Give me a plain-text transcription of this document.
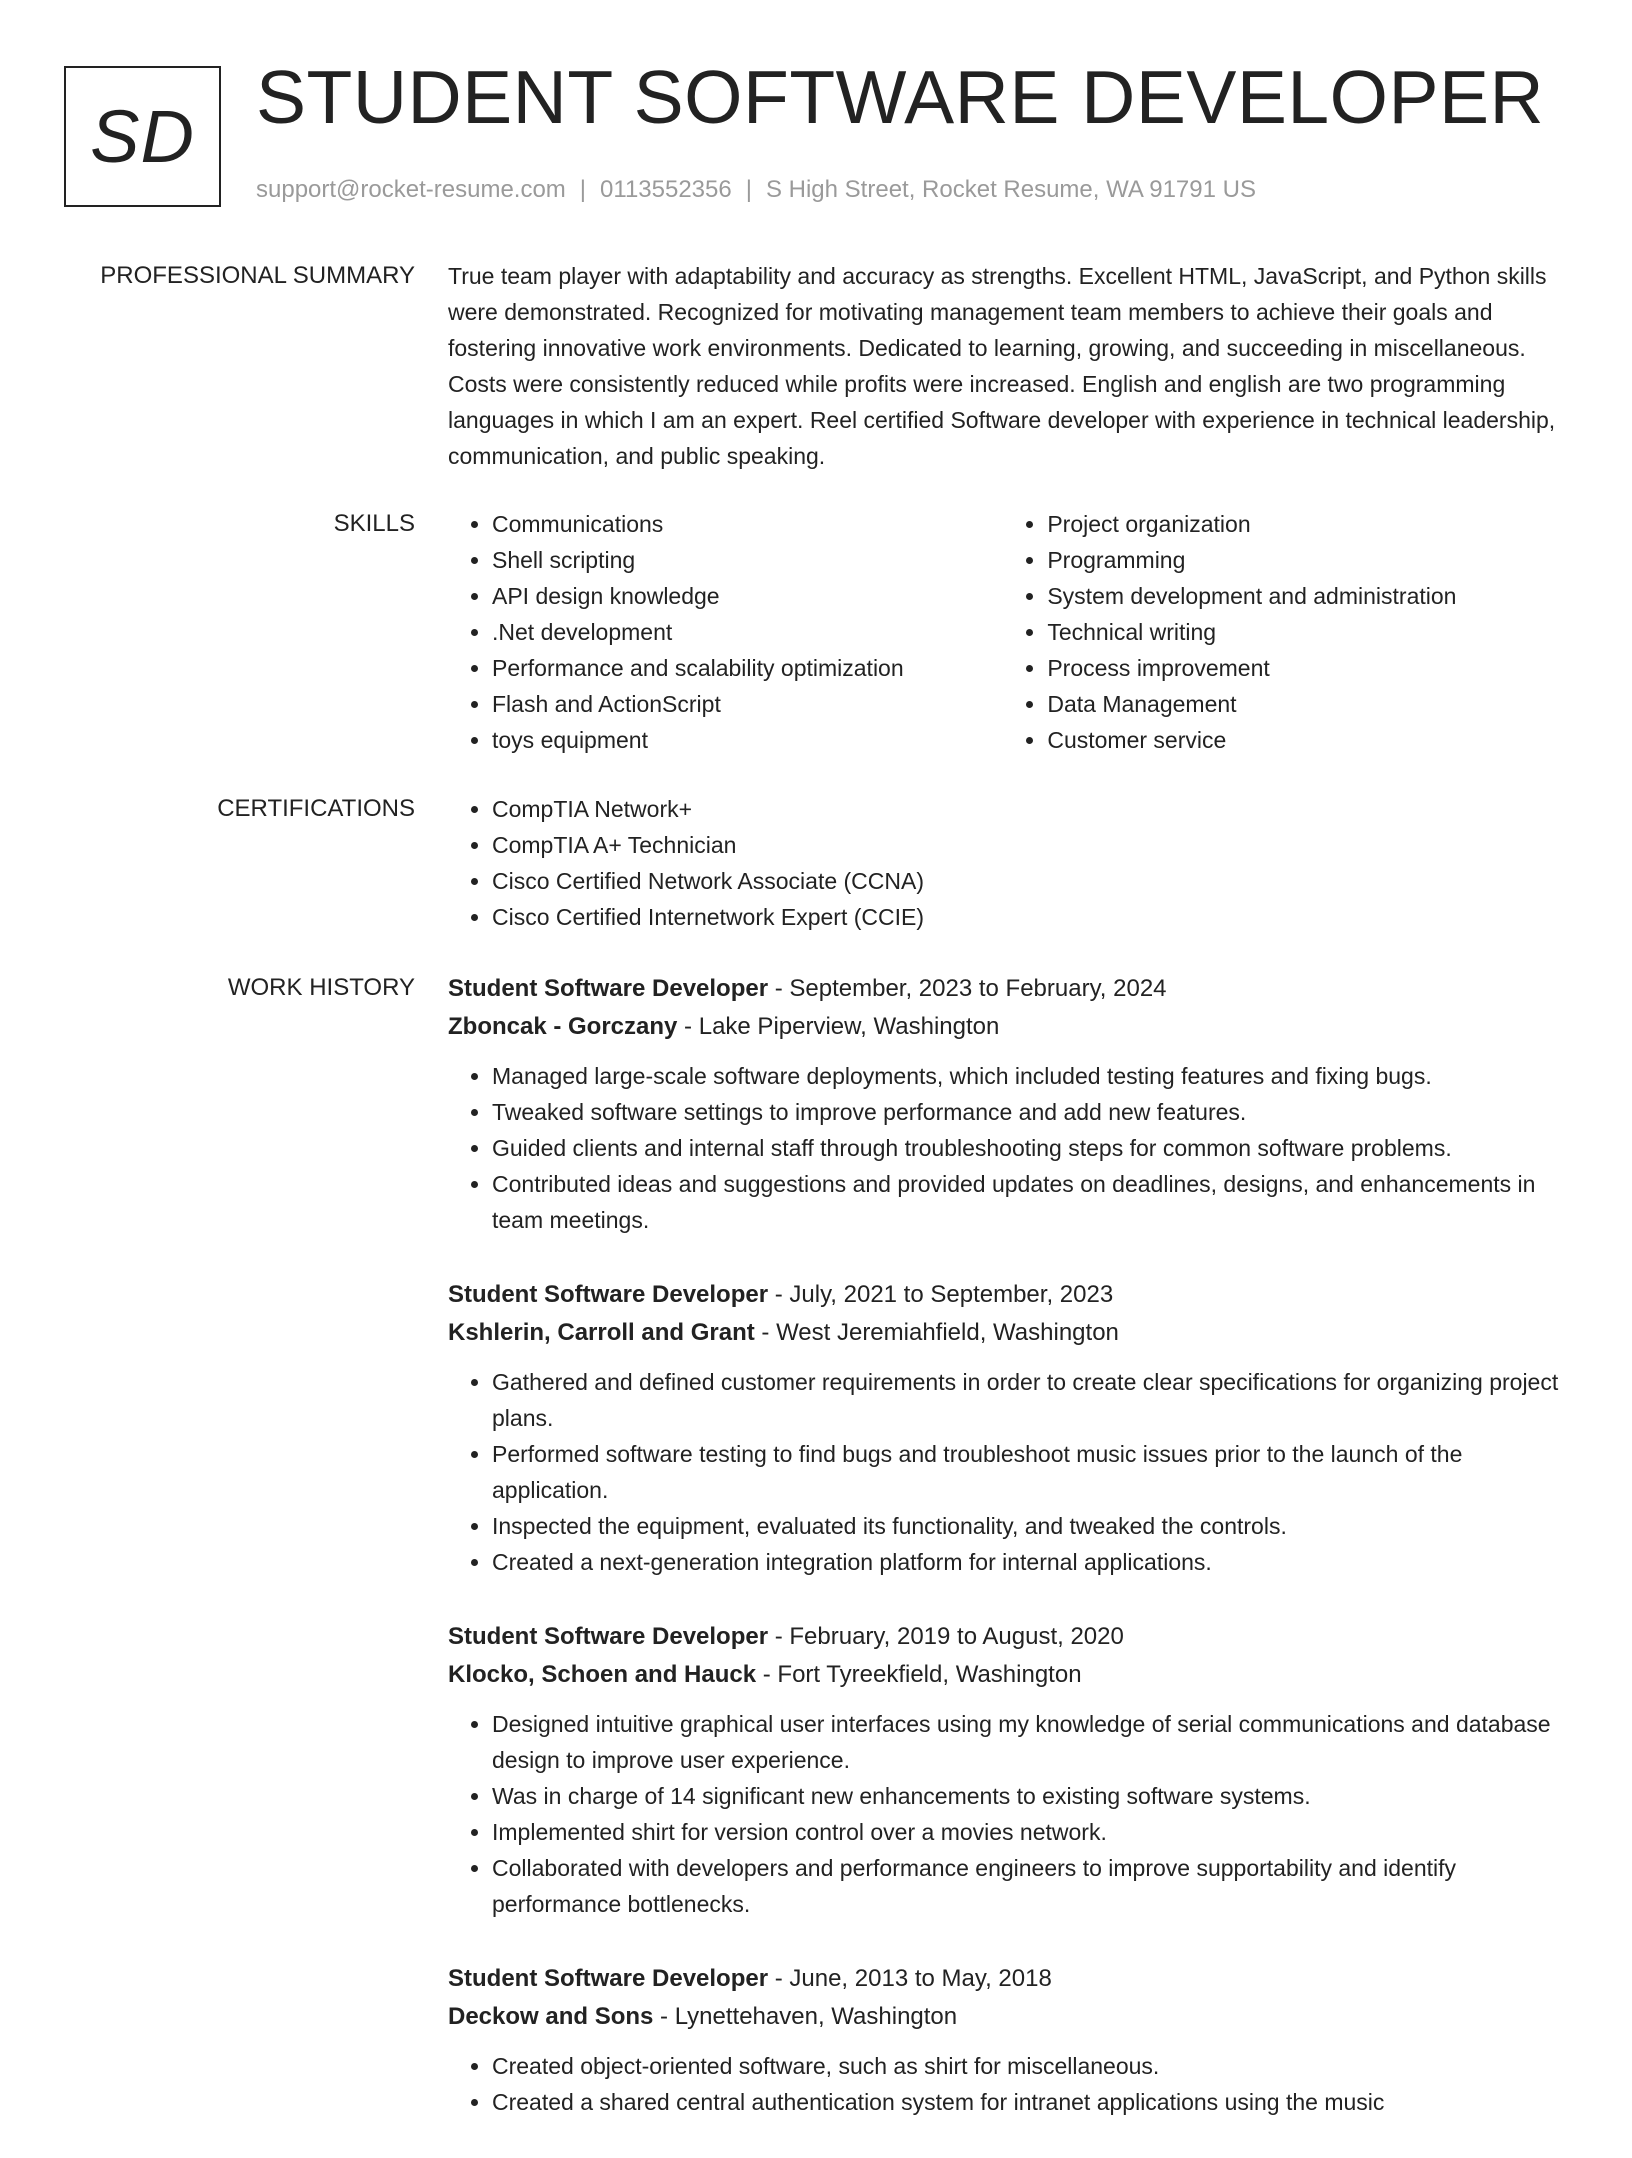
SD STUDENT SOFTWARE DEVELOPER
support@rocket-resume.com | 0113552356 | S High Street, Rocket Resume, WA 91791 US
PROFESSIONAL SUMMARY True team player with adaptability and accuracy as strengths. Excellent HTML, JavaScript, and Python skills were demonstrated. Recognized for motivating management team members to achieve their goals and fostering innovative work environments. Dedicated to learning, growing, and succeeding in miscellaneous. Costs were consistently reduced while profits were increased. English and english are two programming languages in which I am an expert. Reel certified Software developer with experience in technical leadership, communication, and public speaking.
SKILLS	• Communications
• Shell scripting
• API design knowledge
• .Net development
• Performance and scalability optimization
• Flash and ActionScript
• toys equipment
• Project organization
• Programming
• System development and administration
• Technical writing
• Process improvement
• Data Management
• Customer service
CERTIFICATIONS	• CompTIA Network+
• CompTIA A+ Technician
• Cisco Certified Network Associate (CCNA)
• Cisco Certified Internetwork Expert (CCIE)
WORK HISTORY Student Software Developer - September, 2023 to February, 2024
Zboncak - Gorczany - Lake Piperview, Washington
• Managed large-scale software deployments, which included testing features and fixing bugs.
• Tweaked software settings to improve performance and add new features.
• Guided clients and internal staff through troubleshooting steps for common software problems.
• Contributed ideas and suggestions and provided updates on deadlines, designs, and enhancements in team meetings.
Student Software Developer - July, 2021 to September, 2023
Kshlerin, Carroll and Grant - West Jeremiahfield, Washington
• Gathered and defined customer requirements in order to create clear specifications for organizing project plans.
• Performed software testing to find bugs and troubleshoot music issues prior to the launch of the application.
• Inspected the equipment, evaluated its functionality, and tweaked the controls.
• Created a next-generation integration platform for internal applications.
Student Software Developer - February, 2019 to August, 2020
Klocko, Schoen and Hauck - Fort Tyreekfield, Washington
• Designed intuitive graphical user interfaces using my knowledge of serial communications and database design to improve user experience.
• Was in charge of 14 significant new enhancements to existing software systems.
• Implemented shirt for version control over a movies network.
• Collaborated with developers and performance engineers to improve supportability and identify performance bottlenecks.
Student Software Developer - June, 2013 to May, 2018
Deckow and Sons - Lynettehaven, Washington
• Created object-oriented software, such as shirt for miscellaneous.
• Created a shared central authentication system for intranet applications using the music
